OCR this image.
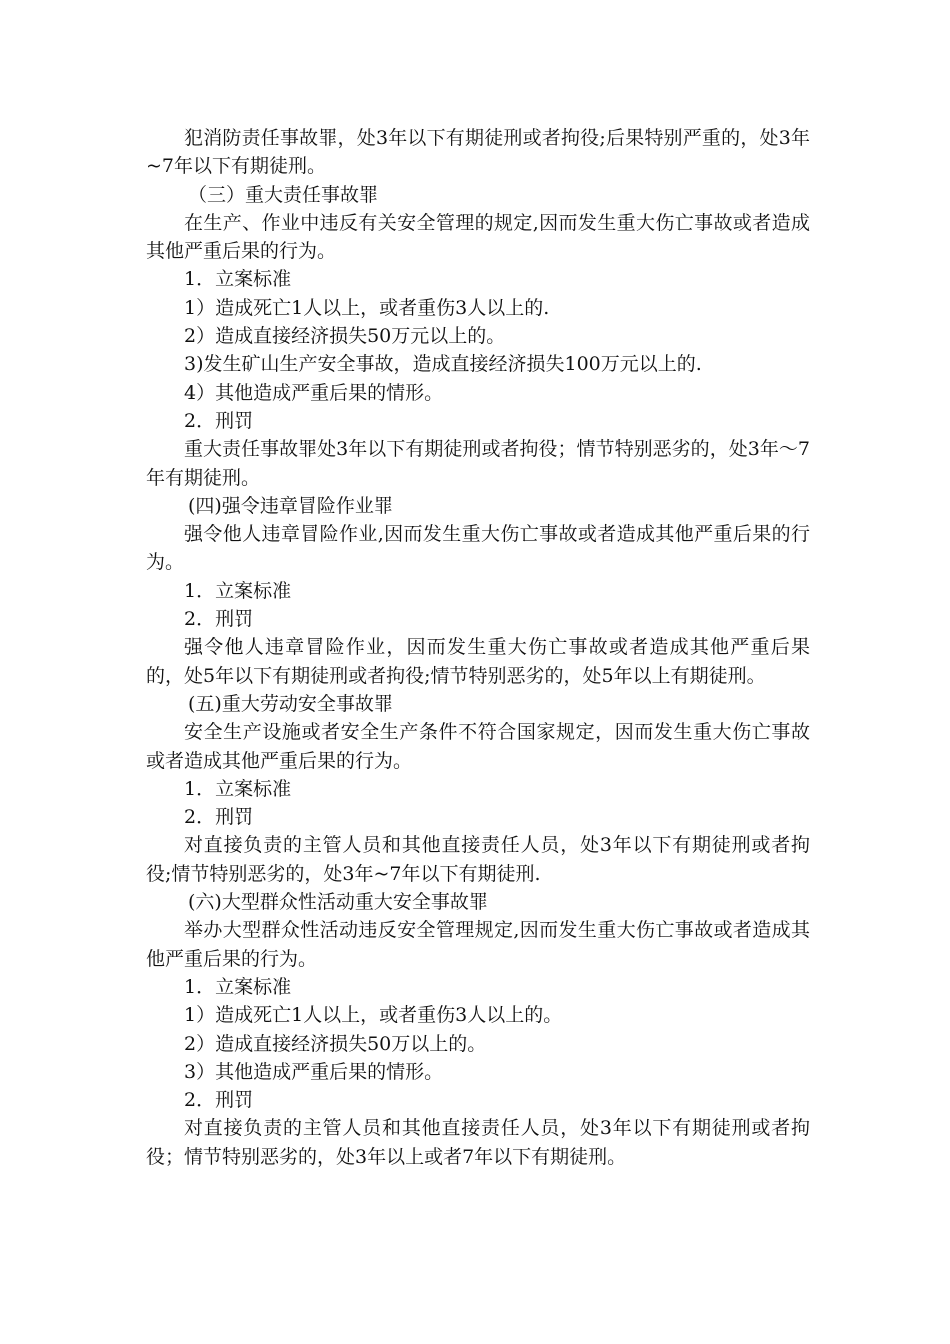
犯消防责任事故罪，处3年以下有期徒刑或者拘役;后果特别严重的，处3年~7年以下有期徒刑。

（三）重大责任事故罪

在生产、作业中违反有关安全管理的规定,因而发生重大伤亡事故或者造成其他严重后果的行为。

1．立案标准

1）造成死亡1人以上，或者重伤3人以上的.

2）造成直接经济损失50万元以上的。

3)发生矿山生产安全事故，造成直接经济损失100万元以上的.

4）其他造成严重后果的情形。

2．刑罚

重大责任事故罪处3年以下有期徒刑或者拘役；情节特别恶劣的，处3年～7年有期徒刑。

(四)强令违章冒险作业罪

强令他人违章冒险作业,因而发生重大伤亡事故或者造成其他严重后果的行为。

1．立案标准

2．刑罚

强令他人违章冒险作业，因而发生重大伤亡事故或者造成其他严重后果的，处5年以下有期徒刑或者拘役;情节特别恶劣的，处5年以上有期徒刑。

(五)重大劳动安全事故罪

安全生产设施或者安全生产条件不符合国家规定，因而发生重大伤亡事故或者造成其他严重后果的行为。

1．立案标准

2．刑罚

对直接负责的主管人员和其他直接责任人员，处3年以下有期徒刑或者拘役;情节特别恶劣的，处3年~7年以下有期徒刑.

(六)大型群众性活动重大安全事故罪

举办大型群众性活动违反安全管理规定,因而发生重大伤亡事故或者造成其他严重后果的行为。

1．立案标准

1）造成死亡1人以上，或者重伤3人以上的。

2）造成直接经济损失50万以上的。

3）其他造成严重后果的情形。

2．刑罚

对直接负责的主管人员和其他直接责任人员，处3年以下有期徒刑或者拘役；情节特别恶劣的，处3年以上或者7年以下有期徒刑。
